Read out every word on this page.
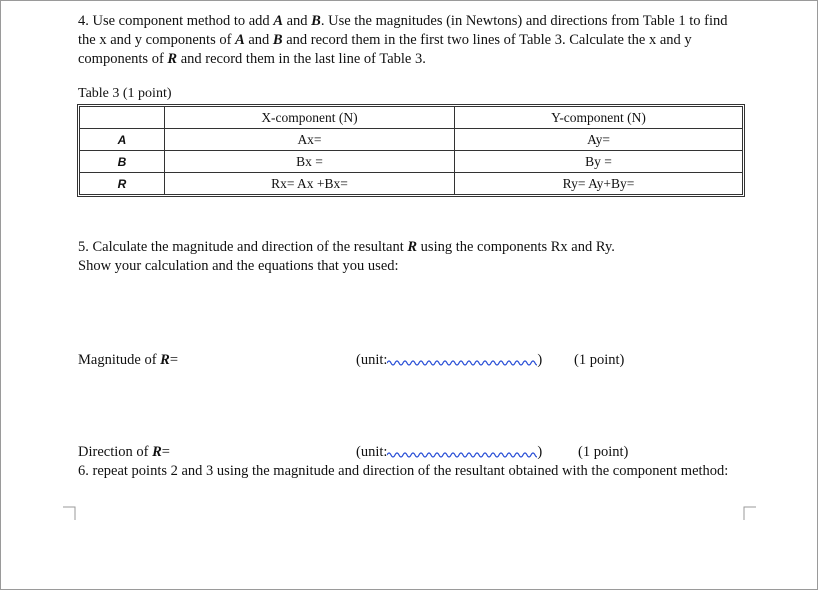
4. Use component method to add A and B. Use the magnitudes (in Newtons) and directions from Table 1 to find the x and y components of A and B and record them in the first two lines of Table 3. Calculate the x and y components of R and record them in the last line of Table 3.

Table 3 (1 point)
	X-component (N)	Y-component (N)
A	Ax=	Ay=
B	Bx =	By =
R	Rx= Ax +Bx=	Ry= Ay+By=

5. Calculate the magnitude and direction of the resultant R using the components Rx and Ry.
Show your calculation and the equations that you used:

Magnitude of R=	(unit:	) (1 point)
Direction of R=	(unit:	) (1 point)

6. repeat points 2 and 3 using the magnitude and direction of the resultant obtained with the component method:
